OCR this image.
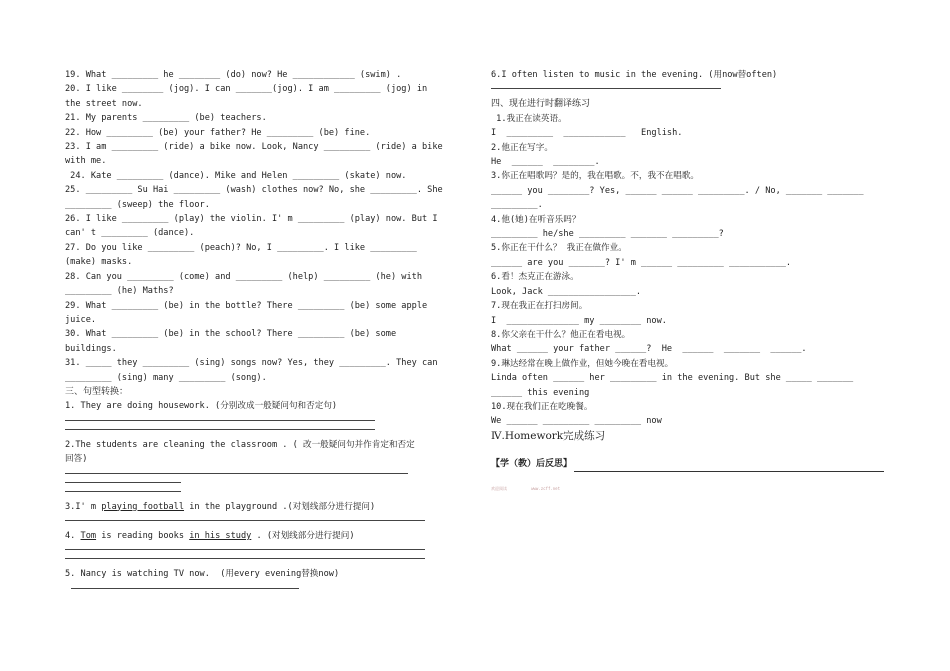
19. What _________ he ________ (do) now? He ____________ (swim) .
20. I like ________ (jog). I can _______(jog). I am _________ (jog) in
the street now.
21. My parents _________ (be) teachers.
22. How _________ (be) your father? He _________ (be) fine.
23. I am _________ (ride) a bike now. Look, Nancy _________ (ride) a bike
with me.
24. Kate _________ (dance). Mike and Helen _________ (skate) now.
25. _________ Su Hai _________ (wash) clothes now? No, she _________. She
_________ (sweep) the floor.
26. I like _________ (play) the violin. I' m _________ (play) now. But I
can' t _________ (dance).
27. Do you like _________ (peach)? No, I _________. I like _________
(make) masks.
28. Can you _________ (come) and _________ (help) _________ (he) with
_________ (he) Maths?
29. What _________ (be) in the bottle? There _________ (be) some apple
juice.
30. What _________ (be) in the school? There _________ (be) some
buildings.
31. _____ they _________ (sing) songs now? Yes, they _________. They can
_________ (sing) many _________ (song).
三、句型转换：
1. They are doing housework. (分别改成一般疑问句和否定句)
2.The students are cleaning the classroom . ( 改一般疑问句并作肯定和否定
回答)
3.I' m playing football in the playground .(对划线部分进行提问)
4. Tom is reading books in his study . (对划线部分进行提问)
5. Nancy is watching TV now.  (用every evening替换now)
6.I often listen to music in the evening. (用now替often)
四、现在进行时翻译练习
1.我正在读英语。
I  _________  ____________   English.
2.他正在写字。
He  ______  ________.
3.你正在唱歌吗？是的，我在唱歌。不，我不在唱歌。
______ you ________? Yes, ______ ______ _________. / No, _______ _______
_________.
4.他(她)在听音乐吗？
_________ he/she _________ _______ _________?
5.你正在干什么？ 我正在做作业。
______ are you _______? I' m ______ _________ ___________.
6.看！杰克正在游泳。
Look, Jack _________________.
7.现在我正在打扫房间。
I  ______________ my ________ now.
8.你父亲在干什么？他正在看电视。
What ______ your father ______?  He  ______  _______  ______.
9.琳达经常在晚上做作业，但她今晚在看电视。
Linda often ______ her _________ in the evening. But she _____ _______
______ this evening
10.现在我们正在吃晚餐。
We ______ _________ _________ now
Ⅳ.Homework完成练习
【学（教）后反思】
欢迎阅读          www.zcff.net
